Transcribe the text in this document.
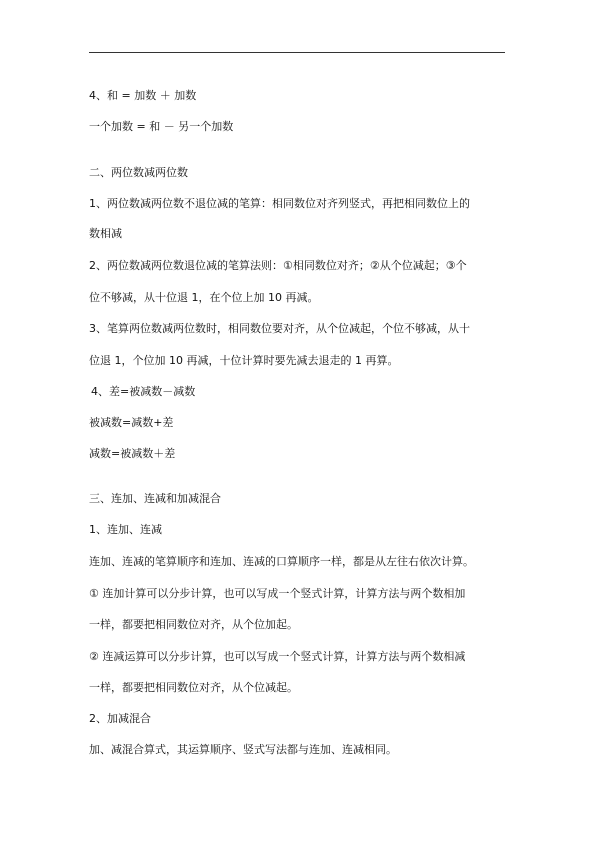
4、和 = 加数 ＋ 加数
一个加数 = 和 － 另一个加数
二、两位数减两位数
1、两位数减两位数不退位减的笔算：相同数位对齐列竖式，再把相同数位上的
数相减
2、两位数减两位数退位减的笔算法则：①相同数位对齐；②从个位减起；③个
位不够减，从十位退 1，在个位上加 10 再减。
3、笔算两位数减两位数时，相同数位要对齐，从个位减起，个位不够减，从十
位退 1，个位加 10 再减，十位计算时要先减去退走的 1 再算。
4、差=被减数－减数
被减数=减数+差
减数=被减数＋差
三、连加、连减和加减混合
1、连加、连减
连加、连减的笔算顺序和连加、连减的口算顺序一样，都是从左往右依次计算。
① 连加计算可以分步计算，也可以写成一个竖式计算，计算方法与两个数相加
一样，都要把相同数位对齐，从个位加起。
② 连减运算可以分步计算，也可以写成一个竖式计算，计算方法与两个数相减
一样，都要把相同数位对齐，从个位减起。
2、加减混合
加、减混合算式，其运算顺序、竖式写法都与连加、连减相同。
